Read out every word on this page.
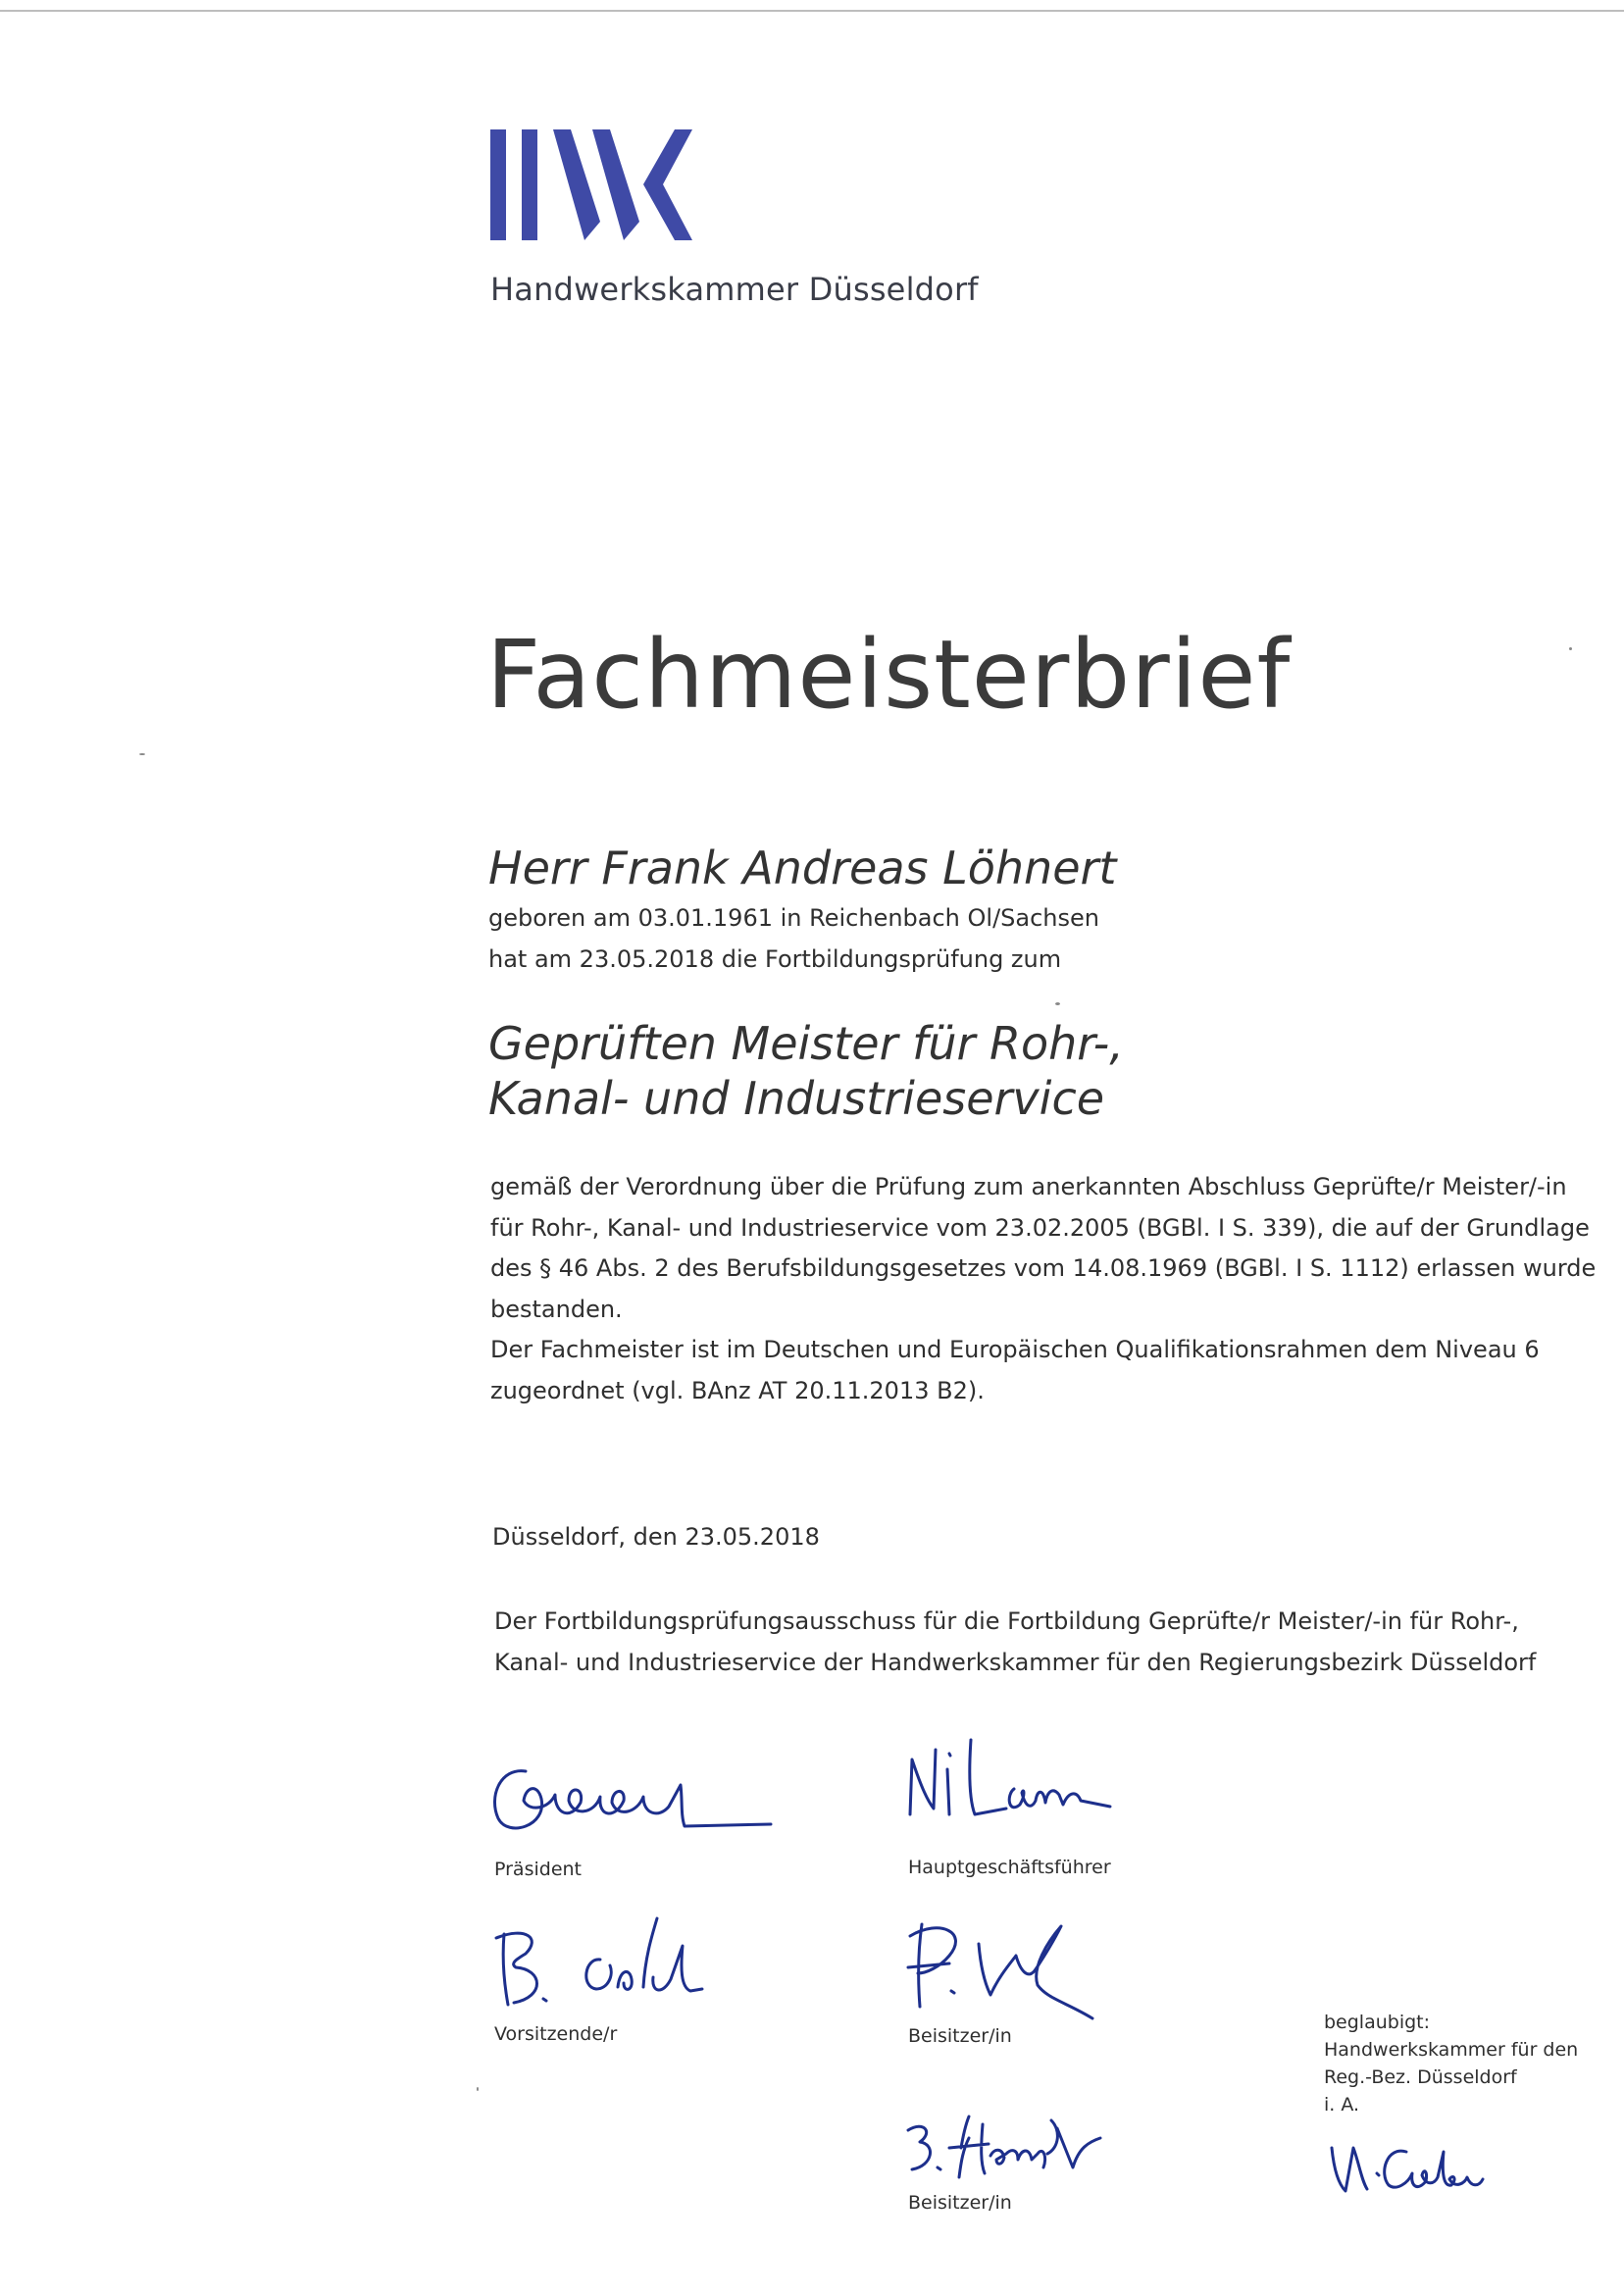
Handwerkskammer Düsseldorf
Fachmeisterbrief
Herr Frank Andreas Löhnert
geboren am 03.01.1961 in Reichenbach Ol/Sachsen
hat am 23.05.2018 die Fortbildungsprüfung zum
Geprüften Meister für Rohr-,
Kanal- und Industrieservice
gemäß der Verordnung über die Prüfung zum anerkannten Abschluss Geprüfte/r Meister/-in
für Rohr-, Kanal- und Industrieservice vom 23.02.2005 (BGBl. I S. 339), die auf der Grundlage
des § 46 Abs. 2 des Berufsbildungsgesetzes vom 14.08.1969 (BGBl. I S. 1112) erlassen wurde
bestanden.
Der Fachmeister ist im Deutschen und Europäischen Qualifikationsrahmen dem Niveau 6
zugeordnet (vgl. BAnz AT 20.11.2013 B2).
Düsseldorf, den 23.05.2018
Der Fortbildungsprüfungsausschuss für die Fortbildung Geprüfte/r Meister/-in für Rohr-,
Kanal- und Industrieservice der Handwerkskammer für den Regierungsbezirk Düsseldorf
Präsident	Hauptgeschäftsführer
Vorsitzende/r	Beisitzer/in
Beisitzer/in
beglaubigt:
Handwerkskammer für den
Reg.-Bez. Düsseldorf
i. A.
